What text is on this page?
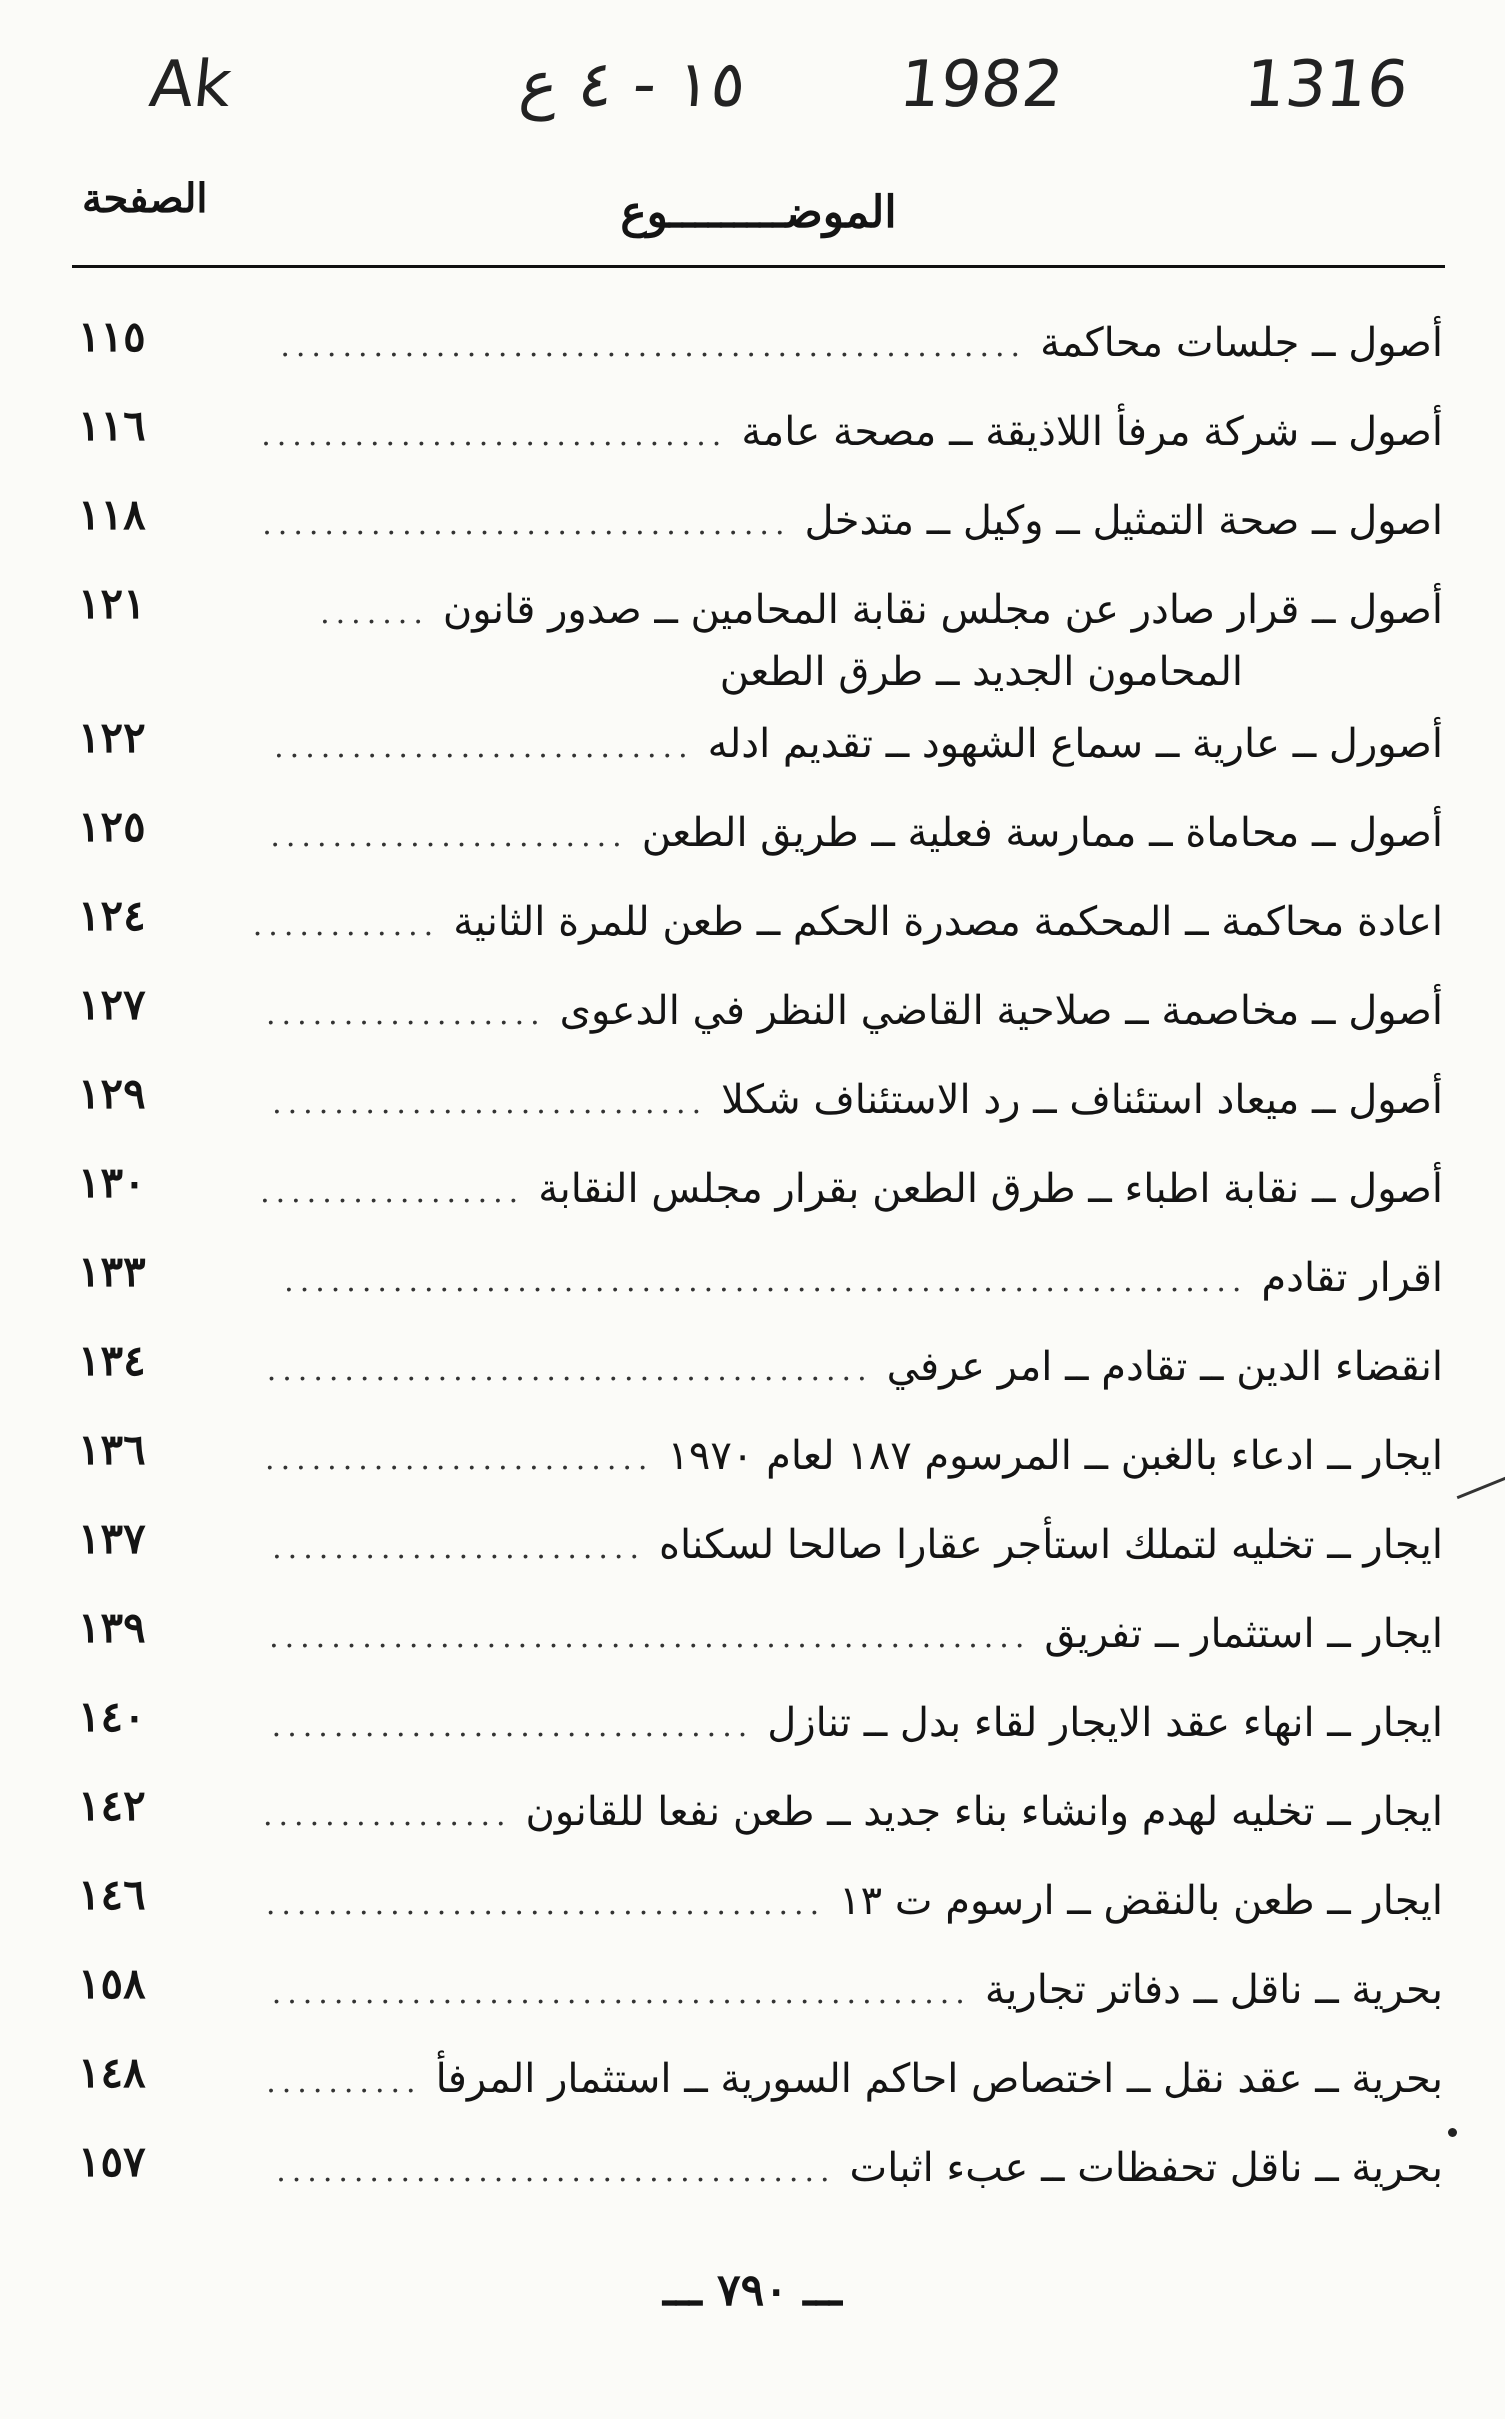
Ak	١٥ - ٤ ع 1982	1316
الموضـــــــــوع
الصفحة
أصول ــ جلسات محاكمة
................................................
١١٥
أصول ــ شركة مرفأ اللاذيقة ــ مصحة عامة
..............................
١١٦
اصول ــ صحة التمثيل ــ وكيل ــ متدخل
..................................
١١٨
أصول ــ قرار صادر عن مجلس نقابة المحامين ــ صدور قانون
.......
المحامون الجديد ــ طرق الطعن
١٢١
أصورل ــ عارية ــ سماع الشهود ــ تقديم ادله
...........................
١٢٢
أصول ــ محاماة ــ ممارسة فعلية ــ طريق الطعن
.......................
١٢٥
اعادة محاكمة ــ المحكمة مصدرة الحكم ــ طعن للمرة الثانية
............
١٢٤
أصول ــ مخاصمة ــ صلاحية القاضي النظر في الدعوى
..................
١٢٧
أصول ــ ميعاد استئناف ــ رد الاستئناف شكلا
............................
١٢٩
أصول ــ نقابة اطباء ــ طرق الطعن بقرار مجلس النقابة
.................
١٣٠
اقرار تقادم
..............................................................
١٣٣
انقضاء الدين ــ تقادم ــ امر عرفي
.......................................
١٣٤
ايجار ــ ادعاء بالغبن ــ المرسوم ١٨٧ لعام ١٩٧٠
.........................
١٣٦
ايجار ــ تخليه لتملك استأجر عقارا صالحا لسكناه
........................
١٣٧
ايجار ــ استثمار ــ تفريق
.................................................
١٣٩
ايجار ــ انهاء عقد الايجار لقاء بدل ــ تنازل
...............................
١٤٠
ايجار ــ تخليه لهدم وانشاء بناء جديد ــ طعن نفعا للقانون
................
١٤٢
ايجار ــ طعن بالنقض ــ ارسوم ت ١٣
....................................
١٤٦
بحرية ــ ناقل ــ دفاتر تجارية
.............................................
١٥٨
بحرية ــ عقد نقل ــ اختصاص احاكم السورية ــ استثمار المرفأ
..........
١٤٨
بحرية ــ ناقل تحفظات ــ عبء اثبات
....................................
١٥٧
ـــ ٧٩٠ ـــ
